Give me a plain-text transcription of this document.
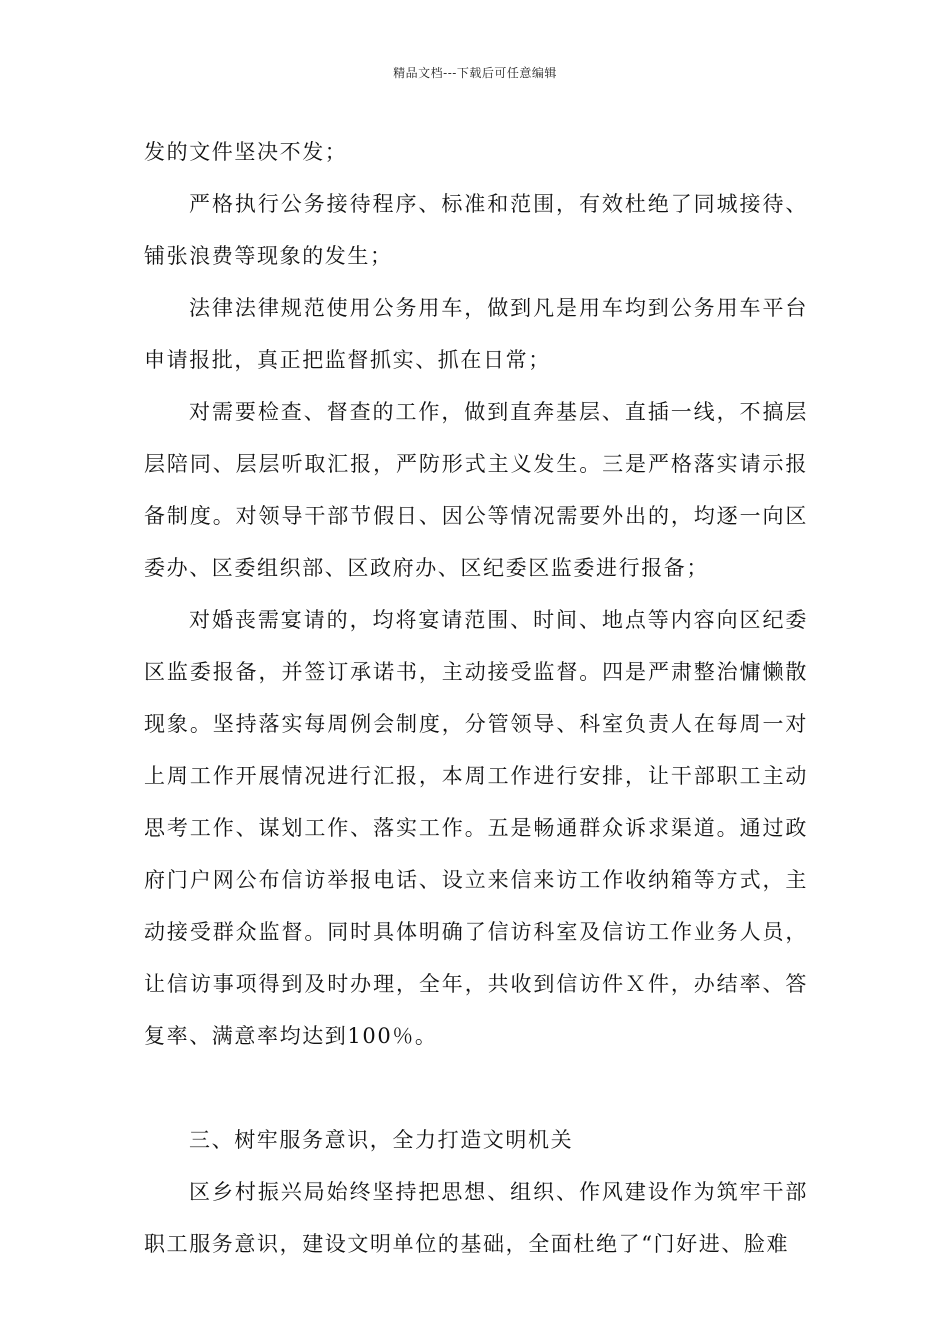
精品文档---下载后可任意编辑

发的文件坚决不发；

严格执行公务接待程序、标准和范围，有效杜绝了同城接待、铺张浪费等现象的发生；

法律法律规范使用公务用车，做到凡是用车均到公务用车平台申请报批，真正把监督抓实、抓在日常；

对需要检查、督查的工作，做到直奔基层、直插一线，不搞层层陪同、层层听取汇报，严防形式主义发生。三是严格落实请示报备制度。对领导干部节假日、因公等情况需要外出的，均逐一向区委办、区委组织部、区政府办、区纪委区监委进行报备；

对婚丧需宴请的，均将宴请范围、时间、地点等内容向区纪委区监委报备，并签订承诺书，主动接受监督。四是严肃整治慵懒散现象。坚持落实每周例会制度，分管领导、科室负责人在每周一对上周工作开展情况进行汇报，本周工作进行安排，让干部职工主动思考工作、谋划工作、落实工作。五是畅通群众诉求渠道。通过政府门户网公布信访举报电话、设立来信来访工作收纳箱等方式，主动接受群众监督。同时具体明确了信访科室及信访工作业务人员，让信访事项得到及时办理，全年，共收到信访件Ｘ件，办结率、答复率、满意率均达到100％。

三、树牢服务意识，全力打造文明机关

区乡村振兴局始终坚持把思想、组织、作风建设作为筑牢干部职工服务意识，建设文明单位的基础，全面杜绝了“门好进、脸难
